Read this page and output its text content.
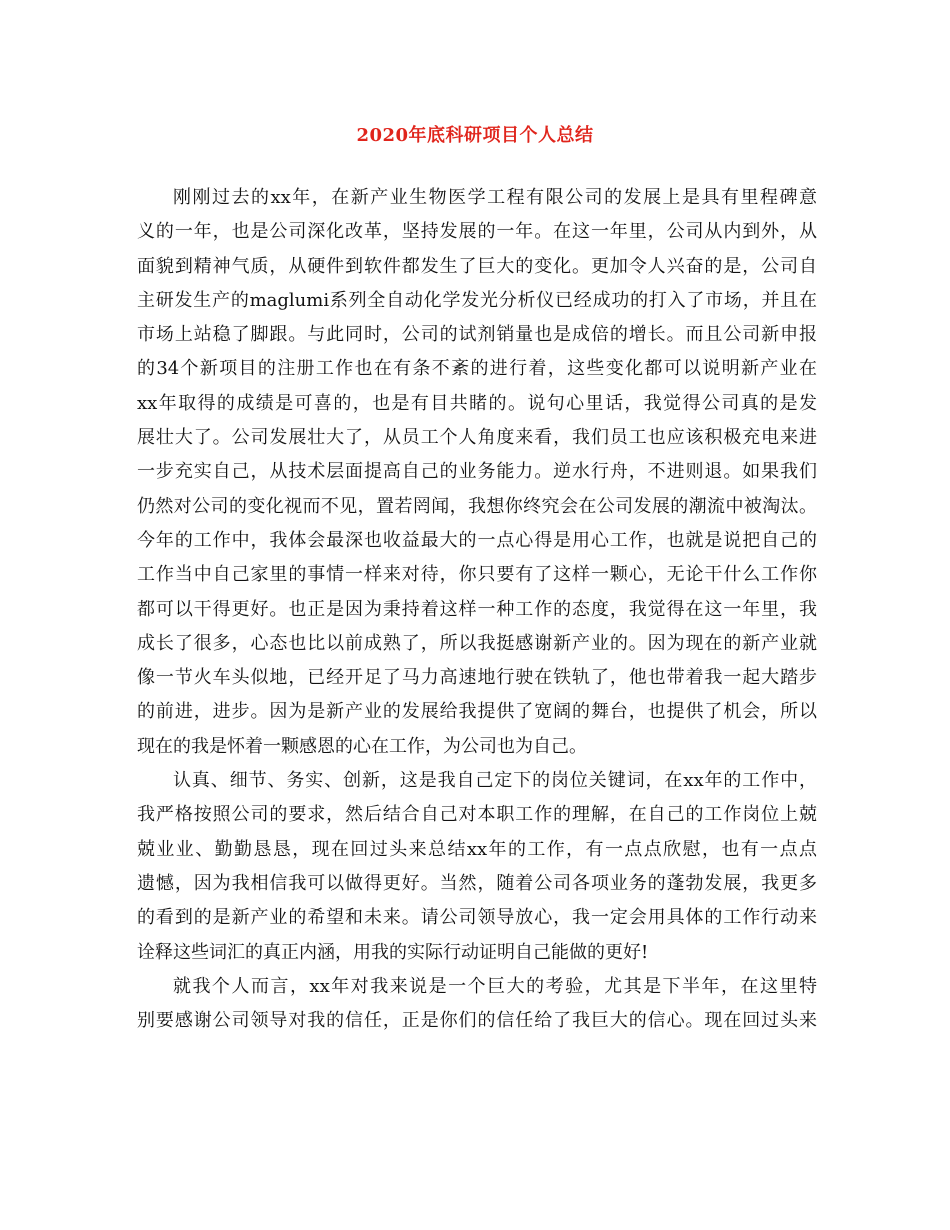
2020年底科研项目个人总结
刚刚过去的xx年，在新产业生物医学工程有限公司的发展上是具有里程碑意
义的一年，也是公司深化改革，坚持发展的一年。在这一年里，公司从内到外，从
面貌到精神气质，从硬件到软件都发生了巨大的变化。更加令人兴奋的是，公司自
主研发生产的maglumi系列全自动化学发光分析仪已经成功的打入了市场，并且在
市场上站稳了脚跟。与此同时，公司的试剂销量也是成倍的增长。而且公司新申报
的34个新项目的注册工作也在有条不紊的进行着，这些变化都可以说明新产业在
xx年取得的成绩是可喜的，也是有目共睹的。说句心里话，我觉得公司真的是发
展壮大了。公司发展壮大了，从员工个人角度来看，我们员工也应该积极充电来进
一步充实自己，从技术层面提高自己的业务能力。逆水行舟，不进则退。如果我们
仍然对公司的变化视而不见，置若罔闻，我想你终究会在公司发展的潮流中被淘汰。
今年的工作中，我体会最深也收益最大的一点心得是用心工作，也就是说把自己的
工作当中自己家里的事情一样来对待，你只要有了这样一颗心，无论干什么工作你
都可以干得更好。也正是因为秉持着这样一种工作的态度，我觉得在这一年里，我
成长了很多，心态也比以前成熟了，所以我挺感谢新产业的。因为现在的新产业就
像一节火车头似地，已经开足了马力高速地行驶在铁轨了，他也带着我一起大踏步
的前进，进步。因为是新产业的发展给我提供了宽阔的舞台，也提供了机会，所以
现在的我是怀着一颗感恩的心在工作，为公司也为自己。
认真、细节、务实、创新，这是我自己定下的岗位关键词，在xx年的工作中，
我严格按照公司的要求，然后结合自己对本职工作的理解，在自己的工作岗位上兢
兢业业、勤勤恳恳，现在回过头来总结xx年的工作，有一点点欣慰，也有一点点
遗憾，因为我相信我可以做得更好。当然，随着公司各项业务的蓬勃发展，我更多
的看到的是新产业的希望和未来。请公司领导放心，我一定会用具体的工作行动来
诠释这些词汇的真正内涵，用我的实际行动证明自己能做的更好!
就我个人而言，xx年对我来说是一个巨大的考验，尤其是下半年，在这里特
别要感谢公司领导对我的信任，正是你们的信任给了我巨大的信心。现在回过头来
